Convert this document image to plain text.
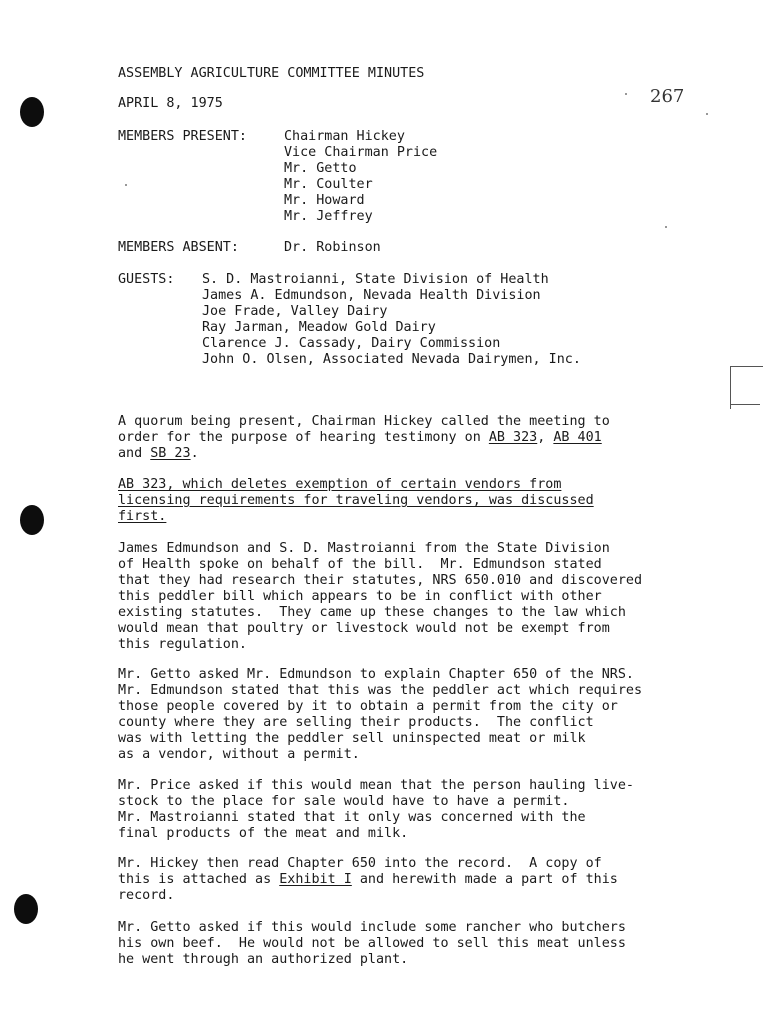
ASSEMBLY AGRICULTURE COMMITTEE MINUTES
APRIL 8, 1975	267
MEMBERS PRESENT:	Chairman Hickey
Vice Chairman Price
Mr. Getto
Mr. Coulter
Mr. Howard
Mr. Jeffrey
MEMBERS ABSENT:	Dr. Robinson
GUESTS: S. D. Mastroianni, State Division of Health
James A. Edmundson, Nevada Health Division
Joe Frade, Valley Dairy
Ray Jarman, Meadow Gold Dairy
Clarence J. Cassady, Dairy Commission
John O. Olsen, Associated Nevada Dairymen, Inc.
A quorum being present, Chairman Hickey called the meeting to
order for the purpose of hearing testimony on AB 323, AB 401
and SB 23.
AB 323, which deletes exemption of certain vendors from
licensing requirements for traveling vendors, was discussed
first.
James Edmundson and S. D. Mastroianni from the State Division
of Health spoke on behalf of the bill.  Mr. Edmundson stated
that they had research their statutes, NRS 650.010 and discovered
this peddler bill which appears to be in conflict with other
existing statutes.  They came up these changes to the law which
would mean that poultry or livestock would not be exempt from
this regulation.
Mr. Getto asked Mr. Edmundson to explain Chapter 650 of the NRS.
Mr. Edmundson stated that this was the peddler act which requires
those people covered by it to obtain a permit from the city or
county where they are selling their products.  The conflict
was with letting the peddler sell uninspected meat or milk
as a vendor, without a permit.
Mr. Price asked if this would mean that the person hauling live-
stock to the place for sale would have to have a permit.
Mr. Mastroianni stated that it only was concerned with the
final products of the meat and milk.
Mr. Hickey then read Chapter 650 into the record.  A copy of
this is attached as Exhibit I and herewith made a part of this
record.
Mr. Getto asked if this would include some rancher who butchers
his own beef.  He would not be allowed to sell this meat unless
he went through an authorized plant.
